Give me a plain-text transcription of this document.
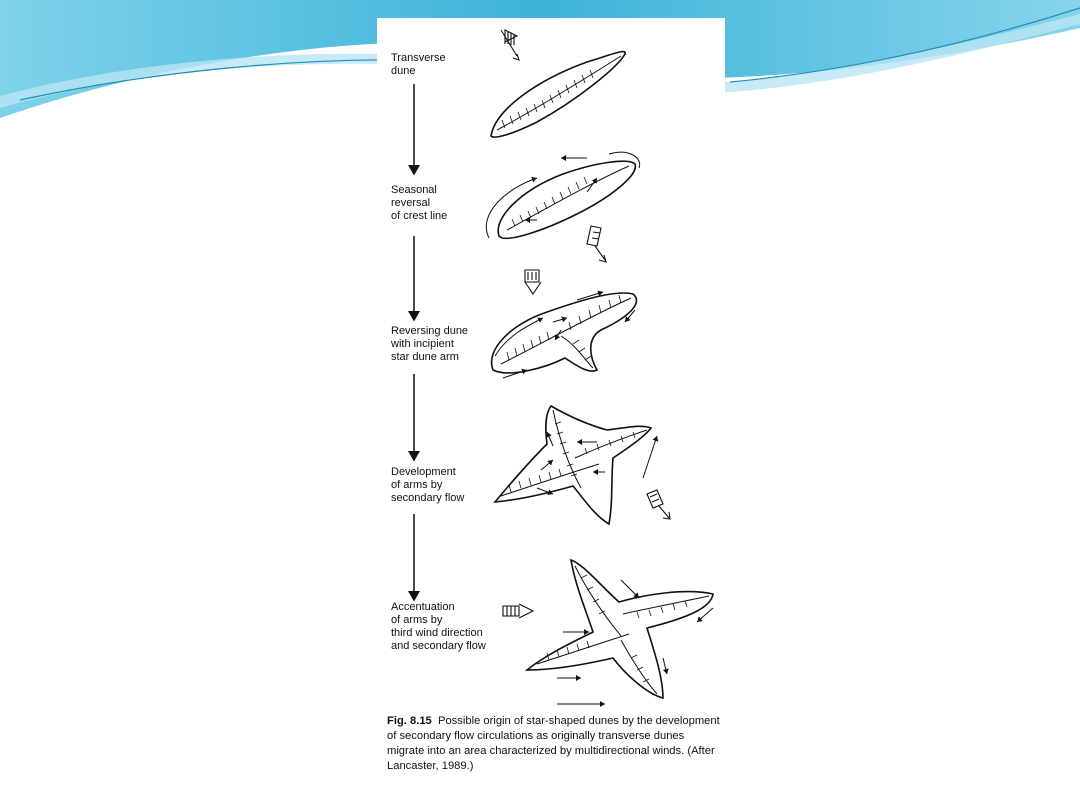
Transverse
dune
Seasonal
reversal
of crest line
Reversing dune
with incipient
star dune arm
Development
of arms by
secondary flow
Accentuation
of arms by
third wind direction
and secondary flow
Fig. 8.15 Possible origin of star-shaped dunes by the development of secondary flow circulations as originally transverse dunes migrate into an area characterized by multidirectional winds. (After Lancaster, 1989.)
